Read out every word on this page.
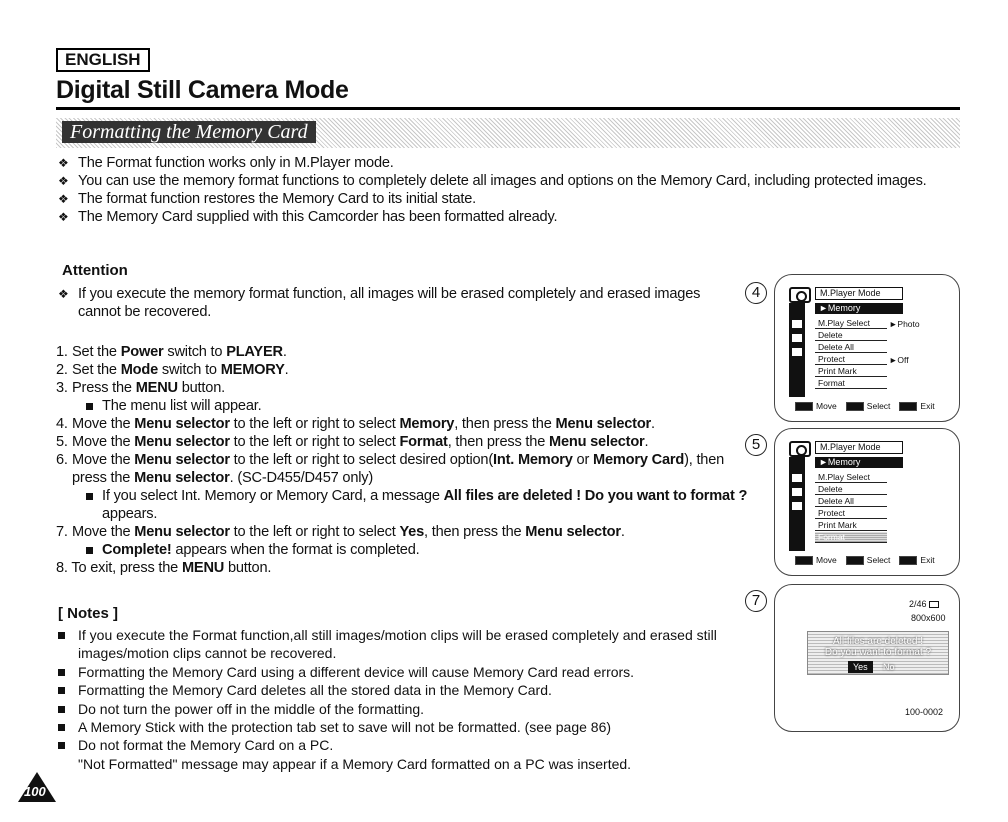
ENGLISH
Digital Still Camera Mode
Formatting the Memory Card
❖ The Format function works only in M.Player mode.
❖ You can use the memory format functions to completely delete all images and options on the Memory Card, including protected images.
❖ The format function restores the Memory Card to its initial state.
❖ The Memory Card supplied with this Camcorder has been formatted already.
Attention
❖ If you execute the memory format function, all images will be erased completely and erased images cannot be recovered.
1. Set the Power switch to PLAYER.
2. Set the Mode switch to MEMORY.
3. Press the MENU button.
The menu list will appear.
4. Move the Menu selector to the left or right to select Memory, then press the Menu selector.
5. Move the Menu selector to the left or right to select Format, then press the Menu selector.
6. Move the Menu selector to the left or right to select desired option(Int. Memory or Memory Card), then press the Menu selector. (SC-D455/D457 only)
If you select Int. Memory or Memory Card, a message All files are deleted ! Do you want to format ? appears.
7. Move the Menu selector to the left or right to select Yes, then press the Menu selector.
Complete! appears when the format is completed.
8. To exit, press the MENU button.
[ Notes ]
If you execute the Format function,all still images/motion clips will be erased completely and erased still images/motion clips cannot be recovered.
Formatting the Memory Card using a different device will cause Memory Card read errors.
Formatting the Memory Card deletes all the stored data in the Memory Card.
Do not turn the power off in the middle of the formatting.
A Memory Stick with the protection tab set to save will not be formatted. (see page 86)
Do not format the Memory Card on a PC.
"Not Formatted" message may appear if a Memory Card formatted on a PC was inserted.
100
4	M.Player Mode
►Memory
M.Play Select
Delete
Delete All
Protect
Print Mark
Format
►Photo
►Off
Move	Select	Exit
5	M.Player Mode
►Memory
M.Play Select
Delete
Delete All
Protect
Print Mark
Format
Move	Select	Exit
7	2/46
800x600
All files are deleted !
Do you want to format ?
Yes	No
100-0002
